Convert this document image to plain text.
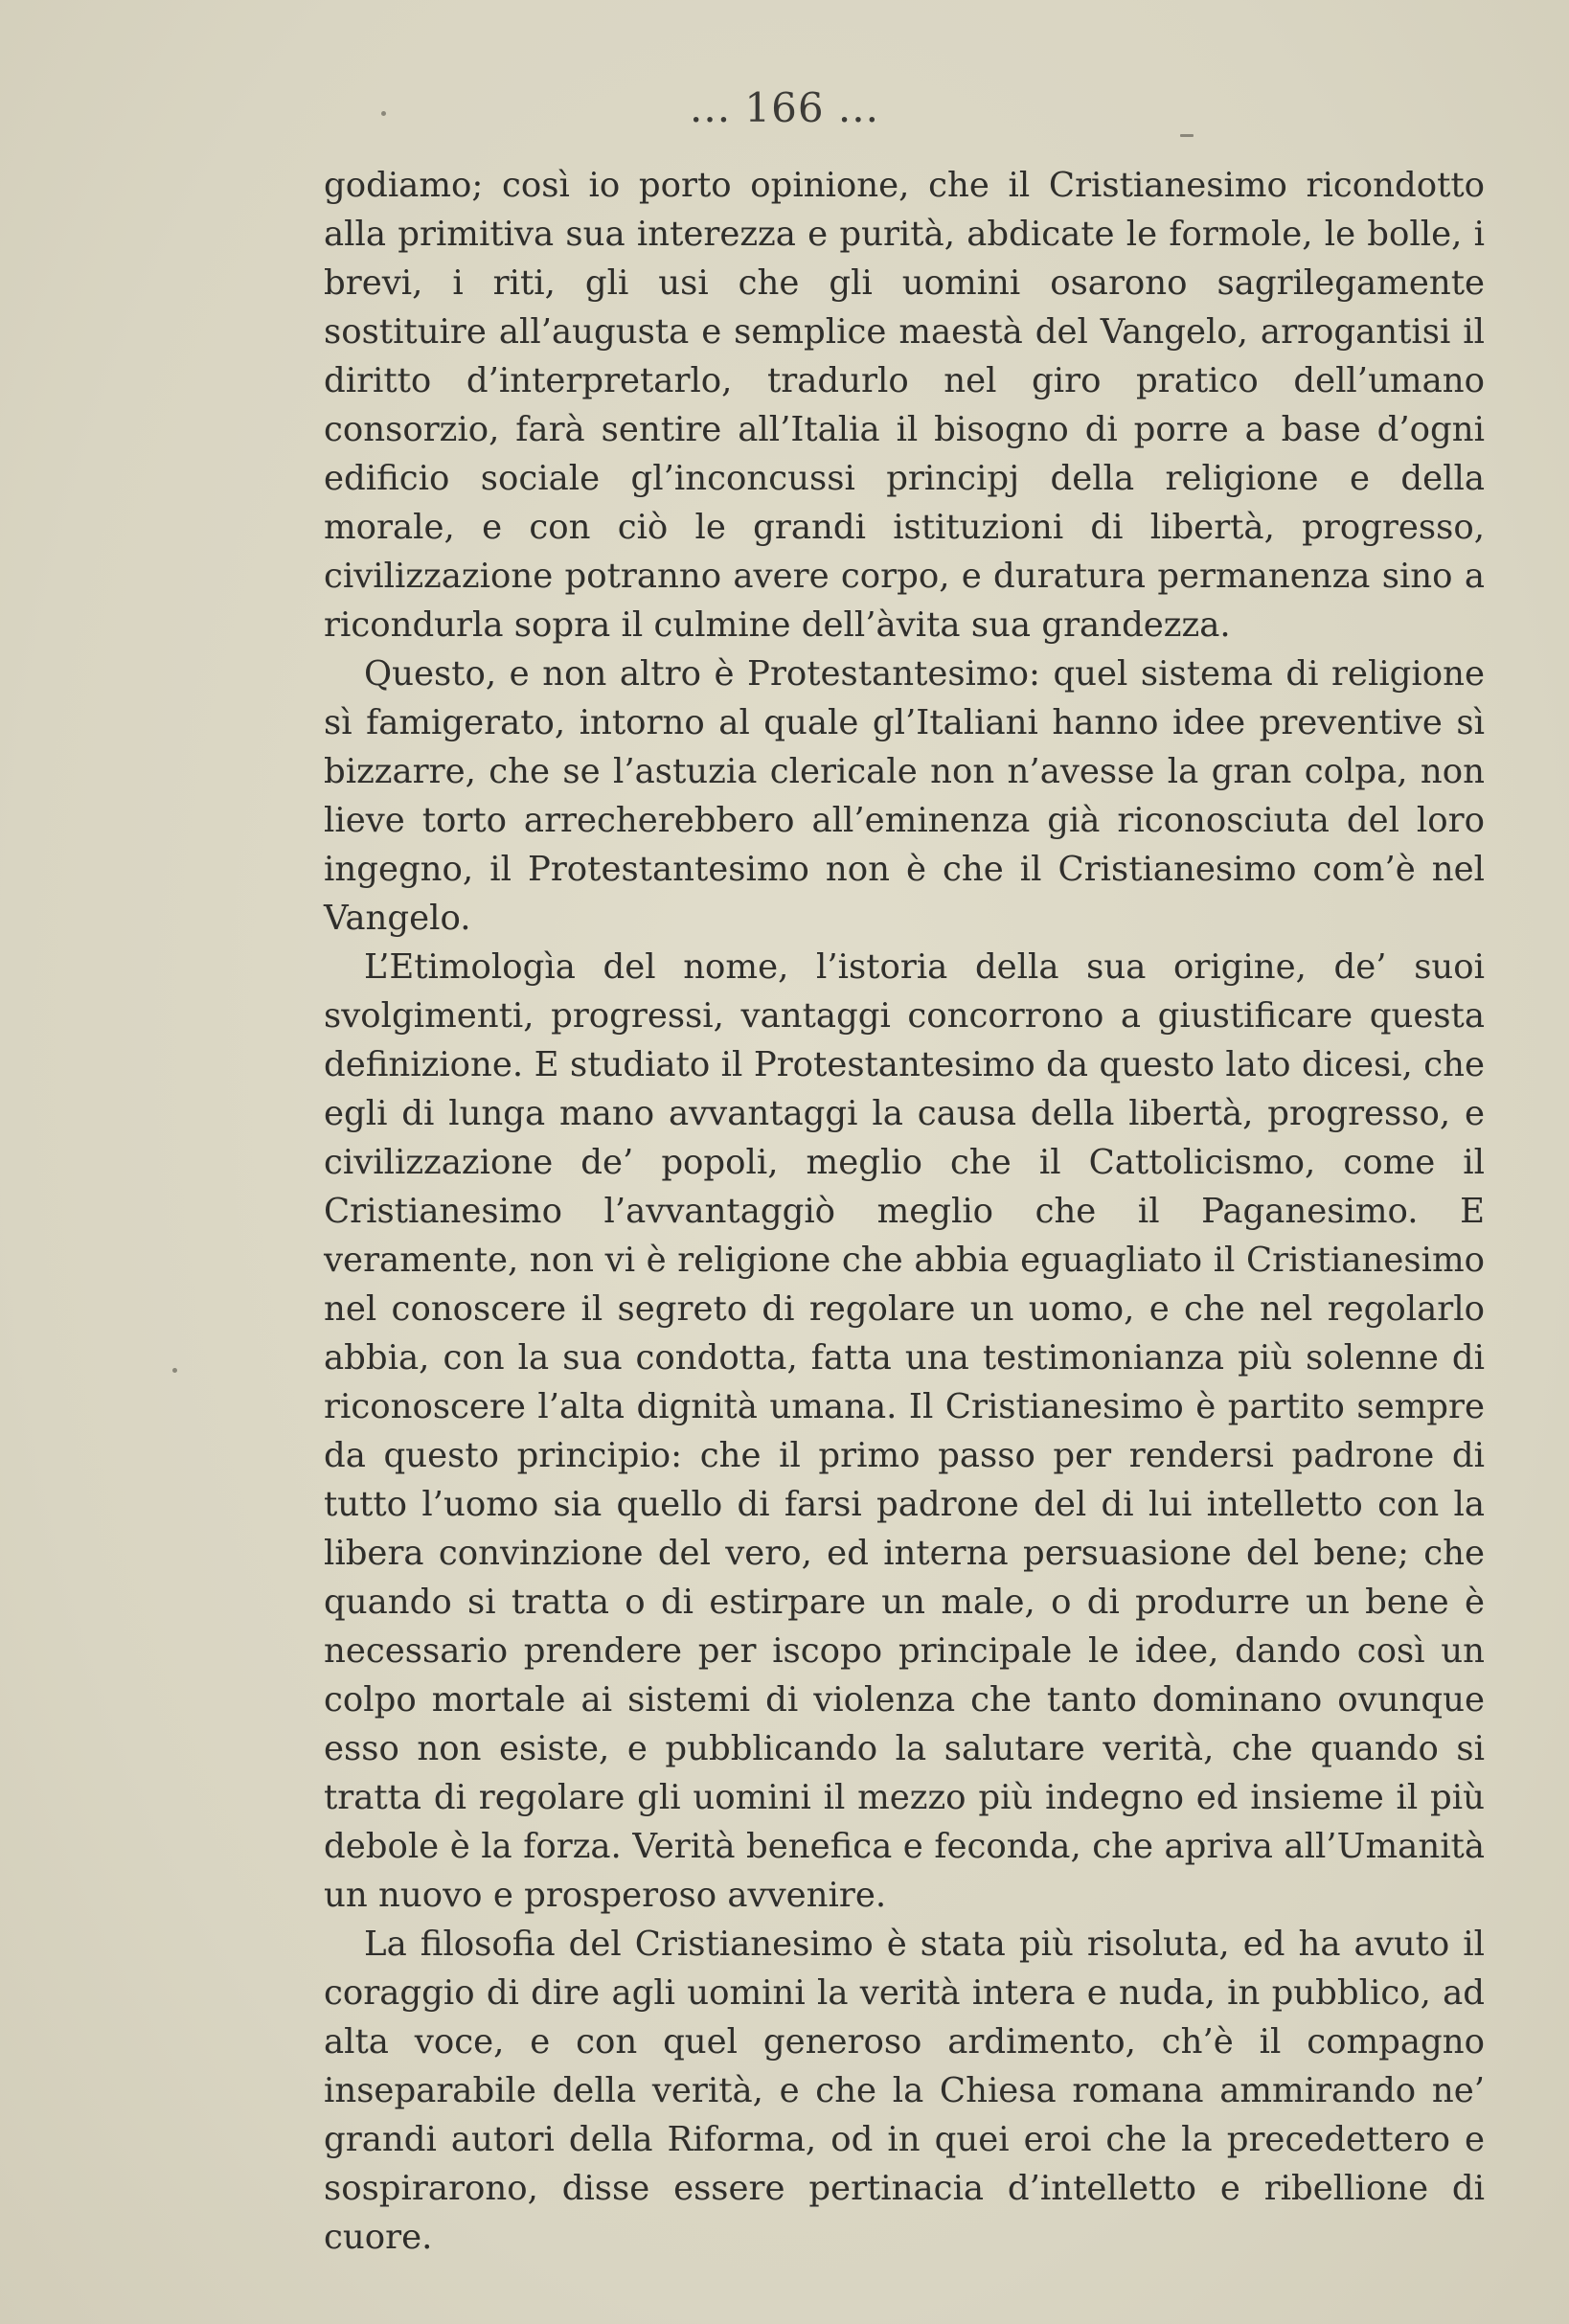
... 166 ...

godiamo; così io porto opinione, che il Cristianesimo ricondotto alla primitiva sua interezza e purità, abdicate le formole, le bolle, i brevi, i riti, gli usi che gli uomini osarono sagrilegamente sostituire all’augusta e semplice maestà del Vangelo, arrogantisi il diritto d’interpretarlo, tradurlo nel giro pratico dell’umano consorzio, farà sentire all’Italia il bisogno di porre a base d’ogni edificio sociale gl’inconcussi principj della religione e della morale, e con ciò le grandi istituzioni di libertà, progresso, civilizzazione potranno avere corpo, e duratura permanenza sino a ricondurla sopra il culmine dell’àvita sua grandezza.

Questo, e non altro è Protestantesimo: quel sistema di religione sì famigerato, intorno al quale gl’Italiani hanno idee preventive sì bizzarre, che se l’astuzia clericale non n’avesse la gran colpa, non lieve torto arrecherebbero all’eminenza già riconosciuta del loro ingegno, il Protestantesimo non è che il Cristianesimo com’è nel Vangelo.

L’Etimologìa del nome, l’istoria della sua origine, de’ suoi svolgimenti, progressi, vantaggi concorrono a giustificare questa definizione. E studiato il Protestantesimo da questo lato dicesi, che egli di lunga mano avvantaggi la causa della libertà, progresso, e civilizzazione de’ popoli, meglio che il Cattolicismo, come il Cristianesimo l’avvantaggiò meglio che il Paganesimo. E veramente, non vi è religione che abbia eguagliato il Cristianesimo nel conoscere il segreto di regolare un uomo, e che nel regolarlo abbia, con la sua condotta, fatta una testimonianza più solenne di riconoscere l’alta dignità umana. Il Cristianesimo è partito sempre da questo principio: che il primo passo per rendersi padrone di tutto l’uomo sia quello di farsi padrone del di lui intelletto con la libera convinzione del vero, ed interna persuasione del bene; che quando si tratta o di estirpare un male, o di produrre un bene è necessario prendere per iscopo principale le idee, dando così un colpo mortale ai sistemi di violenza che tanto dominano ovunque esso non esiste, e pubblicando la salutare verità, che quando si tratta di regolare gli uomini il mezzo più indegno ed insieme il più debole è la forza. Verità benefica e feconda, che apriva all’Umanità un nuovo e prosperoso avvenire.

La filosofia del Cristianesimo è stata più risoluta, ed ha avuto il coraggio di dire agli uomini la verità intera e nuda, in pubblico, ad alta voce, e con quel generoso ardimento, ch’è il compagno inseparabile della verità, e che la Chiesa romana ammirando ne’ grandi autori della Riforma, od in quei eroi che la precedettero e sospirarono, disse essere pertinacia d’intelletto e ribellione di cuore.
